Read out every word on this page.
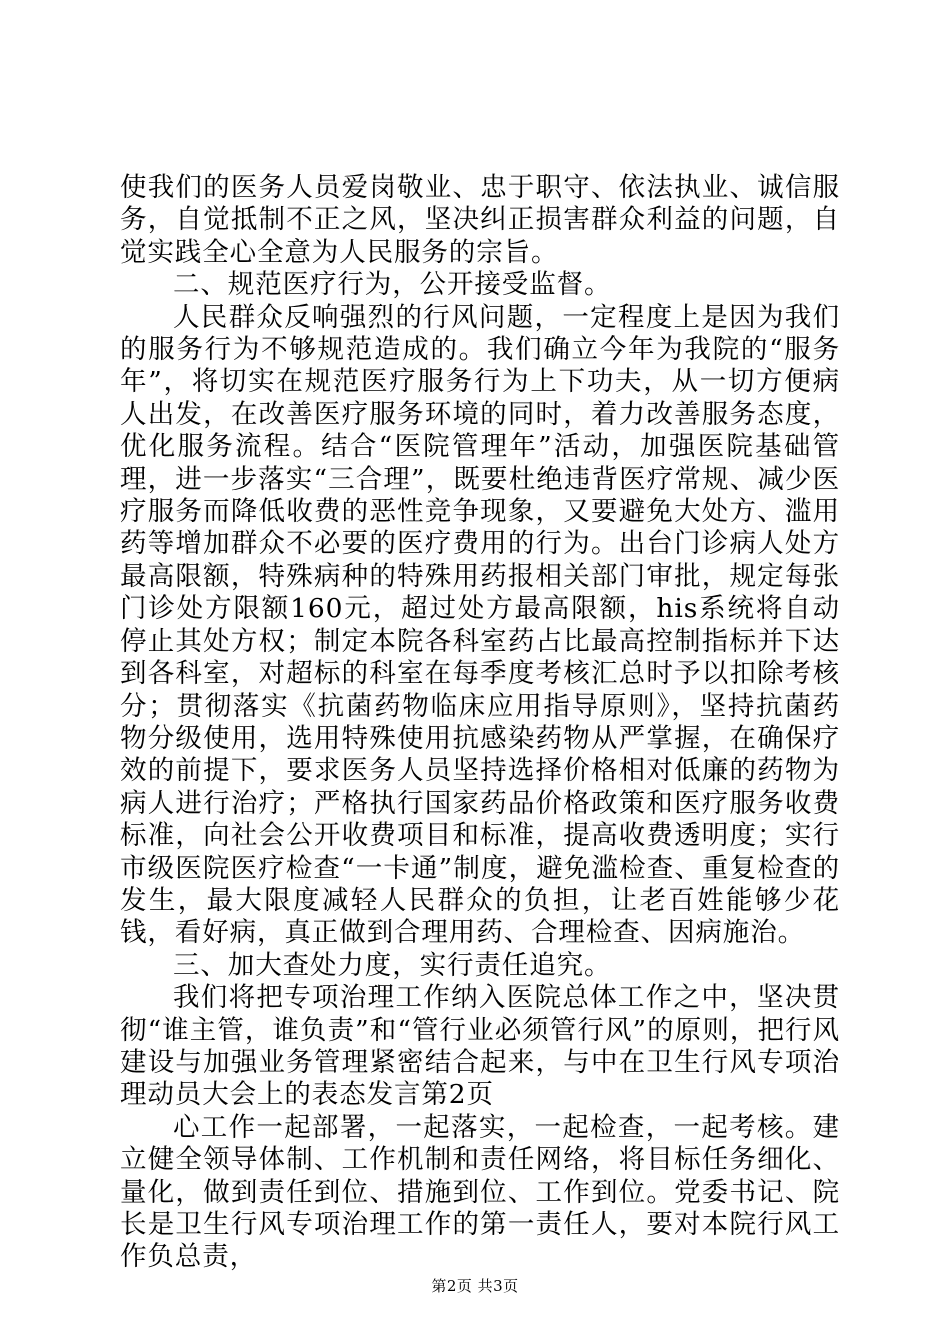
使我们的医务人员爱岗敬业、忠于职守、依法执业、诚信服务，自觉抵制不正之风，坚决纠正损害群众利益的问题，自觉实践全心全意为人民服务的宗旨。

二、规范医疗行为，公开接受监督。

人民群众反响强烈的行风问题，一定程度上是因为我们的服务行为不够规范造成的。我们确立今年为我院的“服务年”，将切实在规范医疗服务行为上下功夫，从一切方便病人出发，在改善医疗服务环境的同时，着力改善服务态度，优化服务流程。结合“医院管理年”活动，加强医院基础管理，进一步落实“三合理”，既要杜绝违背医疗常规、减少医疗服务而降低收费的恶性竞争现象，又要避免大处方、滥用药等增加群众不必要的医疗费用的行为。出台门诊病人处方最高限额，特殊病种的特殊用药报相关部门审批，规定每张门诊处方限额160元，超过处方最高限额，his系统将自动停止其处方权；制定本院各科室药占比最高控制指标并下达到各科室，对超标的科室在每季度考核汇总时予以扣除考核分；贯彻落实《抗菌药物临床应用指导原则》，坚持抗菌药物分级使用，选用特殊使用抗感染药物从严掌握，在确保疗效的前提下，要求医务人员坚持选择价格相对低廉的药物为病人进行治疗；严格执行国家药品价格政策和医疗服务收费标准，向社会公开收费项目和标准，提高收费透明度；实行市级医院医疗检查“一卡通”制度，避免滥检查、重复检查的发生，最大限度减轻人民群众的负担，让老百姓能够少花钱，看好病，真正做到合理用药、合理检查、因病施治。

三、加大查处力度，实行责任追究。

我们将把专项治理工作纳入医院总体工作之中，坚决贯彻“谁主管，谁负责”和“管行业必须管行风”的原则，把行风建设与加强业务管理紧密结合起来，与中在卫生行风专项治理动员大会上的表态发言第2页

心工作一起部署，一起落实，一起检查，一起考核。建立健全领导体制、工作机制和责任网络，将目标任务细化、量化，做到责任到位、措施到位、工作到位。党委书记、院长是卫生行风专项治理工作的第一责任人，要对本院行风工作负总责，

第2页 共3页
